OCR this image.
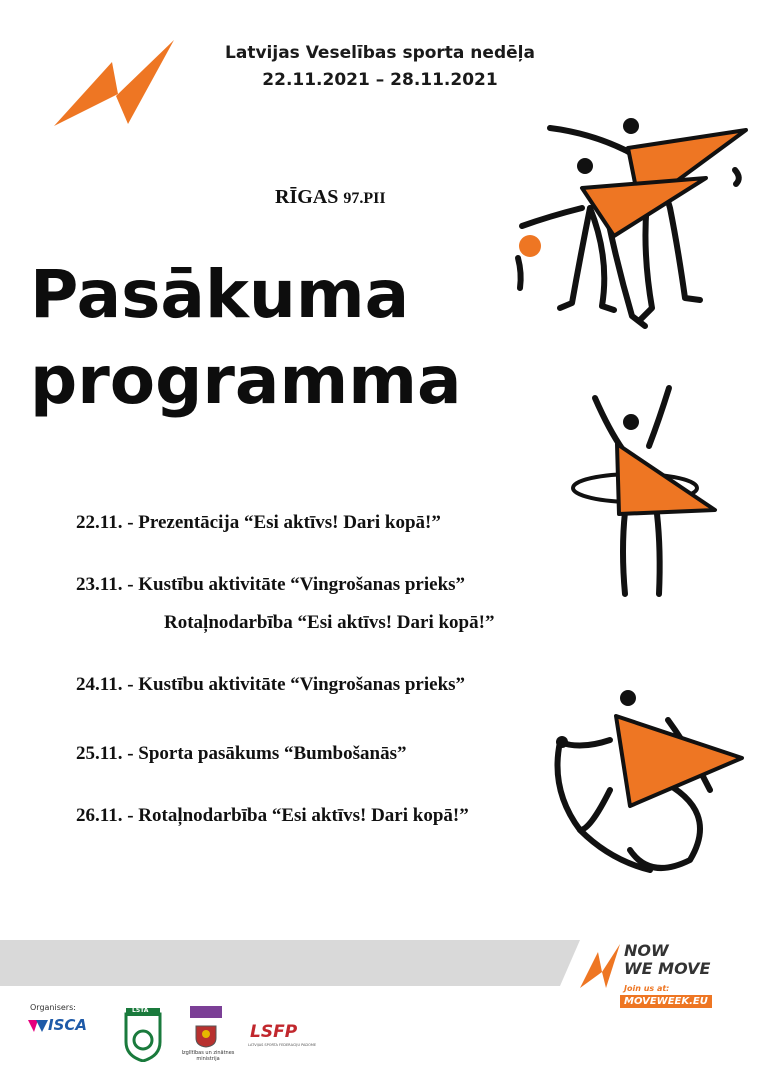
Latvijas Veselības sporta nedēļa
22.11.2021 – 28.11.2021
RĪGAS 97.PII
Pasākuma
programma
22.11. - Prezentācija “Esi aktīvs! Dari kopā!”
23.11. - Kustību aktivitāte “Vingrošanas prieks”
Rotaļnodarbība “Esi aktīvs! Dari kopā!”
24.11. - Kustību aktivitāte “Vingrošanas prieks”
25.11. - Sporta pasākums “Bumbošanās”
26.11. - Rotaļnodarbība “Esi aktīvs! Dari kopā!”
NOW
WE MOVE
Join us at:
MOVEWEEK.EU
Organisers:
ISCA
LSTA
Izglītības un zinātnes ministrija
LSFP
LATVIJAS SPORTA FEDERĀCIJU PADOME
